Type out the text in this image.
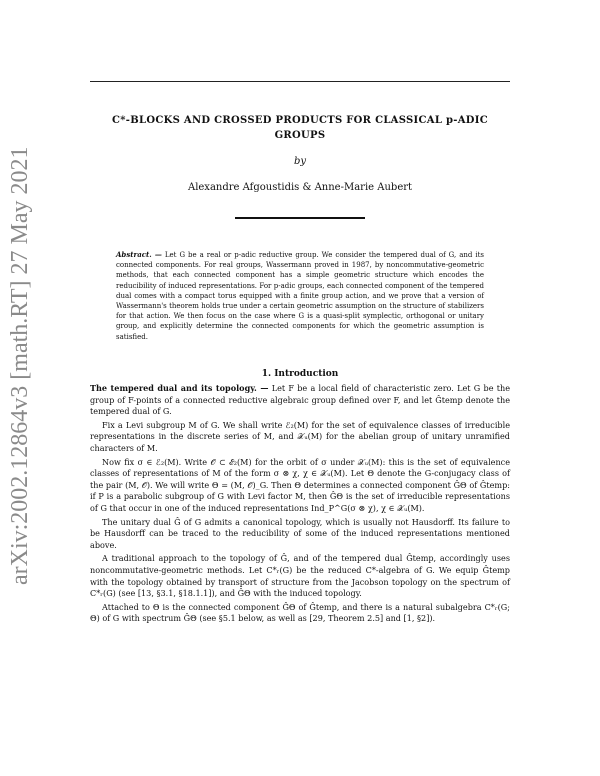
arXiv:2002.12864v3 [math.RT] 27 May 2021
C*-BLOCKS AND CROSSED PRODUCTS FOR CLASSICAL p-ADIC GROUPS
by
Alexandre Afgoustidis & Anne-Marie Aubert
Abstract. — Let G be a real or p-adic reductive group. We consider the tempered dual of G, and its connected components. For real groups, Wassermann proved in 1987, by noncommutative-geometric methods, that each connected component has a simple geometric structure which encodes the reducibility of induced representations. For p-adic groups, each connected component of the tempered dual comes with a compact torus equipped with a finite group action, and we prove that a version of Wassermann's theorem holds true under a certain geometric assumption on the structure of stabilizers for that action. We then focus on the case where G is a quasi-split symplectic, orthogonal or unitary group, and explicitly determine the connected components for which the geometric assumption is satisfied.
1. Introduction

The tempered dual and its topology. — Let F be a local field of characteristic zero. Let G be the group of F-points of a connected reductive algebraic group defined over F, and let Ĝtemp denote the tempered dual of G.

Fix a Levi subgroup M of G. We shall write ℰ₂(M) for the set of equivalence classes of irreducible representations in the discrete series of M, and 𝒳ᵤ(M) for the abelian group of unitary unramified characters of M.

Now fix σ ∈ ℰ₂(M). Write 𝒪 ⊂ ℰ₂(M) for the orbit of σ under 𝒳ᵤ(M): this is the set of equivalence classes of representations of M of the form σ ⊗ χ, χ ∈ 𝒳ᵤ(M). Let Θ denote the G-conjugacy class of the pair (M, 𝒪). We will write Θ = (M, 𝒪)_G. Then Θ determines a connected component ĜΘ of Ĝtemp: if P is a parabolic subgroup of G with Levi factor M, then ĜΘ is the set of irreducible representations of G that occur in one of the induced representations Ind_P^G(σ ⊗ χ), χ ∈ 𝒳ᵤ(M).

The unitary dual Ĝ of G admits a canonical topology, which is usually not Hausdorff. Its failure to be Hausdorff can be traced to the reducibility of some of the induced representations mentioned above.

A traditional approach to the topology of Ĝ, and of the tempered dual Ĝtemp, accordingly uses noncommutative-geometric methods. Let C*ᵣ(G) be the reduced C*-algebra of G. We equip Ĝtemp with the topology obtained by transport of structure from the Jacobson topology on the spectrum of C*ᵣ(G) (see [13, §3.1, §18.1.1]), and ĜΘ with the induced topology.

Attached to Θ is the connected component ĜΘ of Ĝtemp, and there is a natural subalgebra C*ᵣ(G; Θ) of G with spectrum ĜΘ (see §5.1 below, as well as [29, Theorem 2.5] and [1, §2]).
